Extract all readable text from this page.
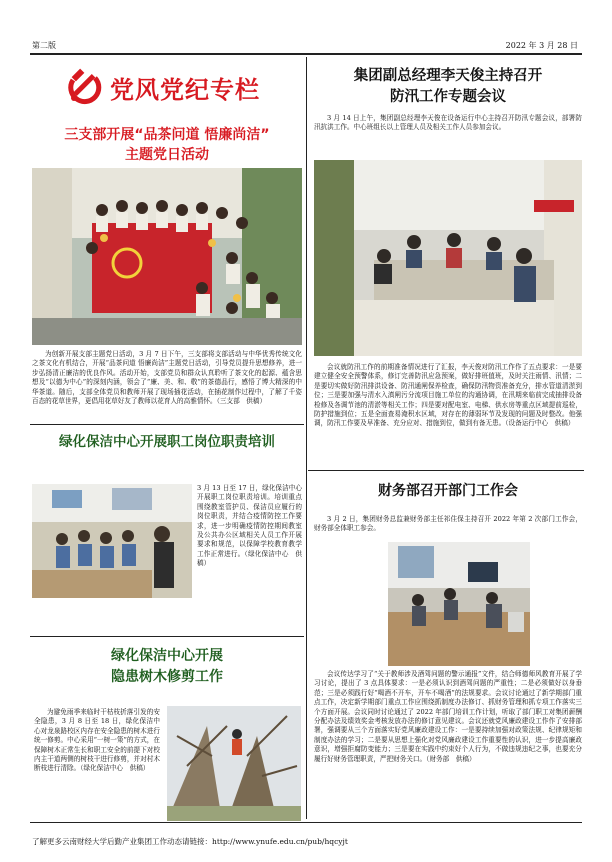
第二版	2022 年 3 月 28 日
党风党纪专栏
三支部开展“品茶问道 悟廉尚洁”
主题党日活动
为创新开展支部主题党日活动，3 月 7 日下午，三支部将支部活动与中华优秀传统文化之茶文化有机结合，开展“品茶问道 悟廉尚洁”主题党日活动，引导党员提升思想修养，进一步弘扬清正廉洁的优良作风。活动开始，支部党员和群众认真聆听了茶文化的起源、蕴含思想及“以德为中心”的深刻内涵，领会了“廉、美、和、敬”的茶德品行，感悟了博大精深的中华茶道。随后，支部全体党员和教师开展了现场插花活动，在插花制作过程中，了解了千姿百态的花草世界，更倡用花草好友了教师以花育人的高雅情怀。（三支部　供稿）
绿化保洁中心开展职工岗位职责培训
3 月 13 日至 17 日，绿化保洁中心开展职工岗位职责培训。培训重点围绕教室管护员、保洁员应履行的岗位职责，并结合疫情防控工作要求，进一步明确疫情防控期间教室及公共办公区域相关人员工作开展要求和规范，以保障学校教育教学工作正常进行。（绿化保洁中心　供稿）
绿化保洁中心开展
隐患树木修剪工作
为避免雨季来临时干枯枝折落引发的安全隐患，3 月 8 日至 18 日，绿化保洁中心对龙泉路校区内存在安全隐患的树木进行统一修剪。中心采用“一树一策”的方式，在保障树木正常生长和职工安全的前提下对校内主干道两侧的树枝干进行修剪，并对村木断枝进行清除。（绿化保洁中心　供稿）
集团副总经理李天俊主持召开
防汛工作专题会议
3 月 14 日上午，集团副总经理李天俊在设备运行中心主持召开防汛专题会议，部署防汛抗洪工作。中心班组长以上管理人员及相关工作人员参加会议。
会议就防汛工作的前期准备情况进行了汇报，李天俊对防汛工作作了五点要求：一是要建立健全安全预警体系，修订完善防汛应急预案，做好排班值班，及时关注雨情、汛情；二是要切实做好防汛排洪设备、防汛通闸保养检查，确保防汛物资准备充分，排水管道清淤到位；三是要加强与清水入滇闸污分流项目施工单位的沟通协调，在汛期来临前完成抽排设备检修及各调节池的清淤等相关工作；四是要对配电室、电梯、供水房等重点区域提前巡检，防护措施到位；五是全面查易淹积水区域，对存在的薄弱环节及发现的问题及时整改。他强调，防汛工作要及早准备、充分应对、措施到位，做到有备无患。（设备运行中心　供稿）
财务部召开部门工作会
3 月 2 日，集团财务总监兼财务部主任祁住保主持召开 2022 年第 2 次部门工作会，财务部全体职工参会。
会议传达学习了“关于教师涉及酒驾问题的警示通报”文件，结合师德师风教育开展了学习讨论，提出了 3 点具体要求：一是必须认识到酒驾问题的严重性；二是必须做好以身垂范；三是必须践行好“喝酒不开车，开车不喝酒”的法规要求。会议讨论通过了新学期部门重点工作，决定新学期部门重点工作应围绕抓制度办法修订、抓财务管理和抓专项工作落实三个方面开展。会议同时讨论通过了 2022 年部门培训工作计划，听取了部门职工对集团薪酬分配办法及绩效奖金考核发放办法的修订意见建议。会议还就党风廉政建设工作作了安排部署，强调要从三个方面落实好党风廉政建设工作：一是要持续加强对政策法规、纪律规矩和制度办法的学习；二是要从思想上强化对党风廉政建设工作重要性的认识，进一步提高廉政意识，增强拒腐防变能力；三是要在实践中约束好个人行为，不做违规违纪之事，也要充分履行好财务管理职责，严把财务关口。（财务部　供稿）
了解更多云南财经大学后勤产业集团工作动态请链接：http://www.ynufe.edu.cn/pub/hqcyjt
